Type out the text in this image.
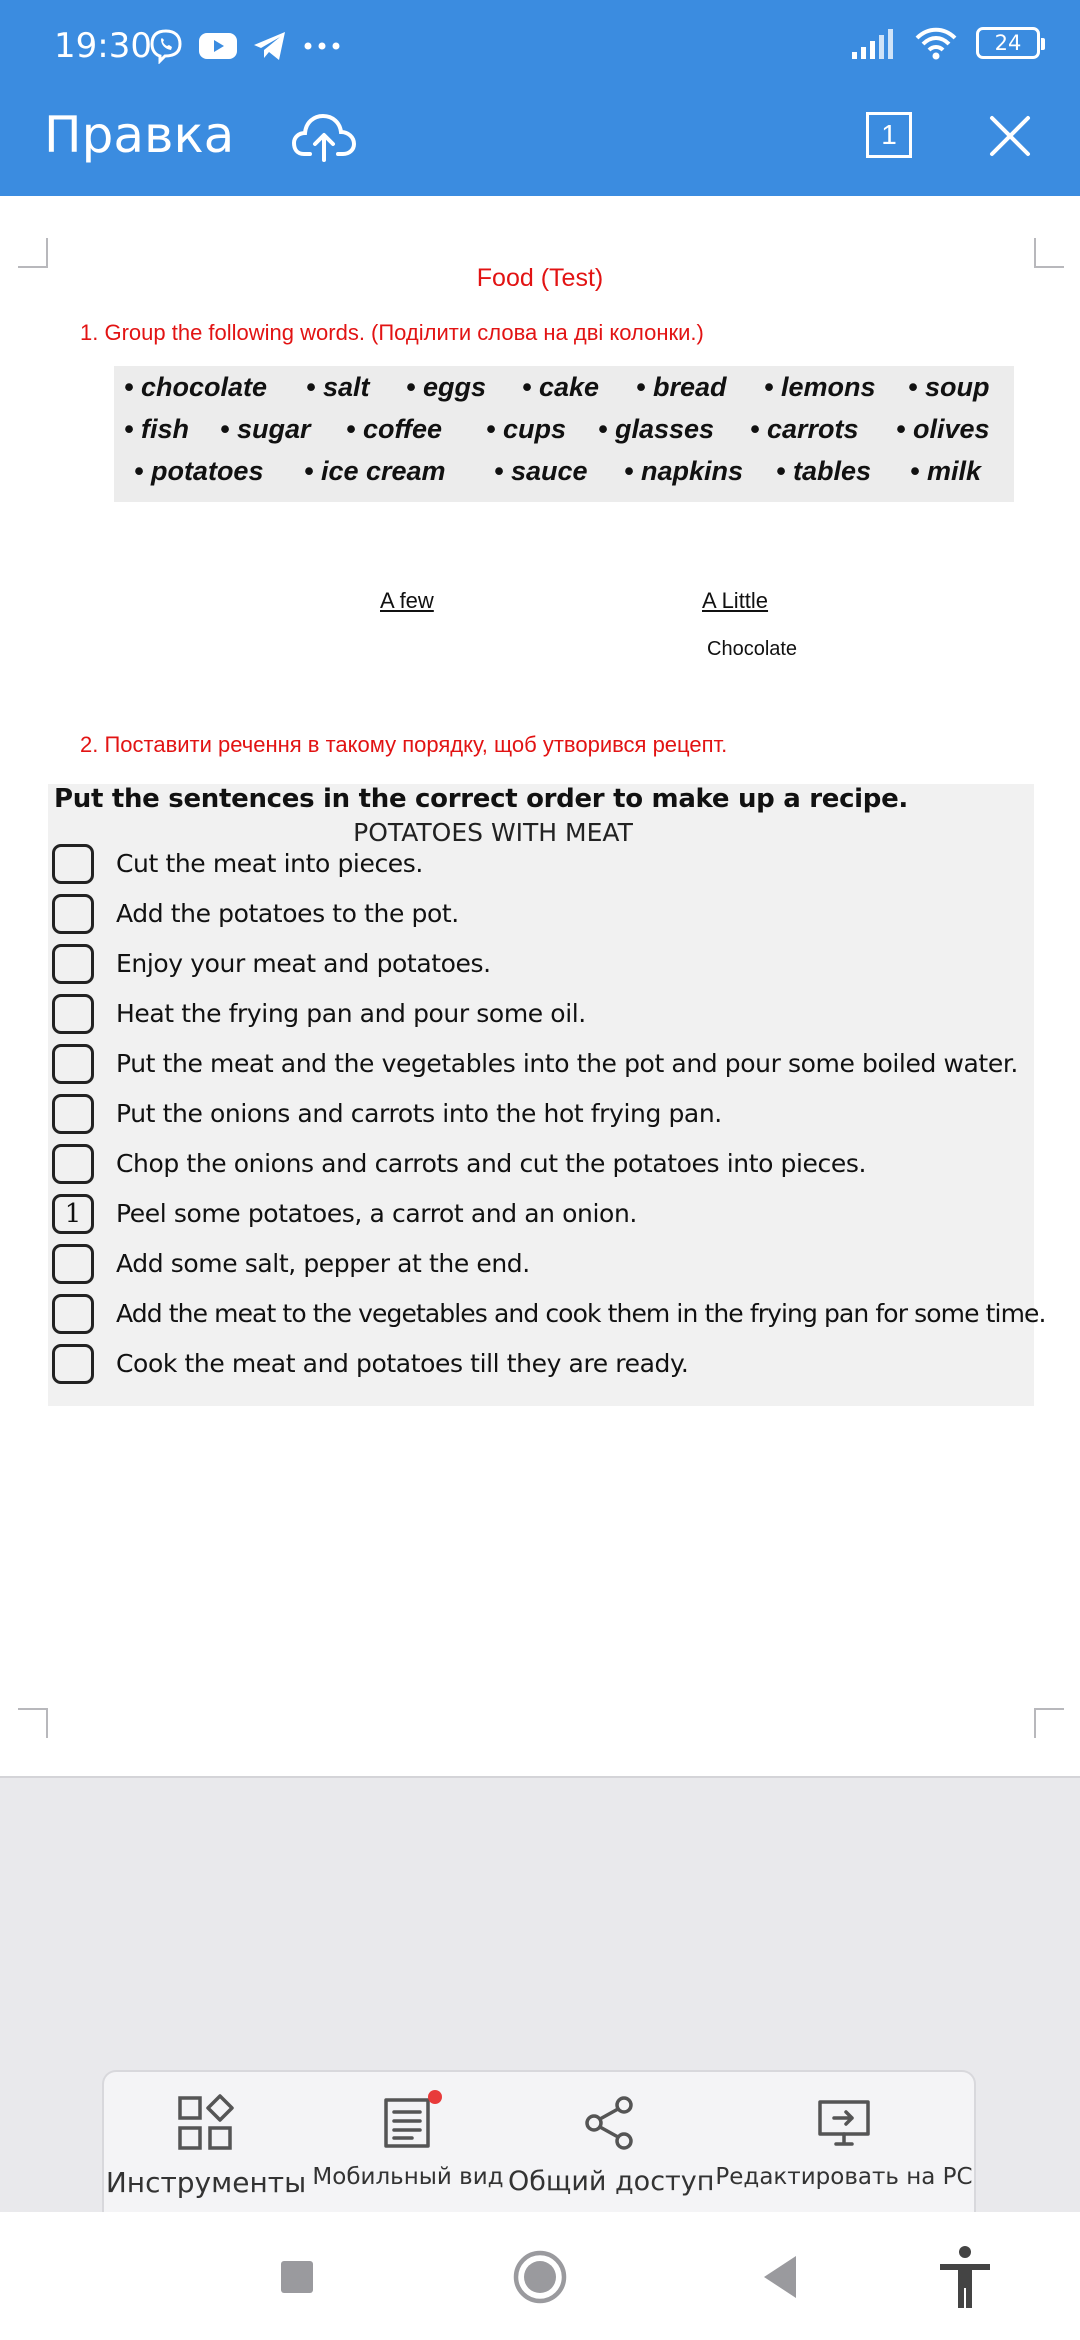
19:30	24
Правка	1
Food (Test)
1. Group the following words. (Поділити слова на дві колонки.)
• chocolate • salt • eggs • cake • bread • lemons • soup
• fish • sugar • coffee • cups • glasses • carrots • olives
• potatoes • ice cream • sauce • napkins • tables • milk
A few	A Little
Chocolate
2. Поставити речення в такому порядку, щоб утворився рецепт.
Put the sentences in the correct order to make up a recipe.
POTATOES WITH MEAT
Cut the meat into pieces.
Add the potatoes to the pot.
Enjoy your meat and potatoes.
Heat the frying pan and pour some oil.
Put the meat and the vegetables into the pot and pour some boiled water.
Put the onions and carrots into the hot frying pan.
Chop the onions and carrots and cut the potatoes into pieces.
1	Peel some potatoes, a carrot and an onion.
Add some salt, pepper at the end.
Add the meat to the vegetables and cook them in the frying pan for some time.
Cook the meat and potatoes till they are ready.
Инструменты Мобильный вид Общий доступ Редактировать на PC
